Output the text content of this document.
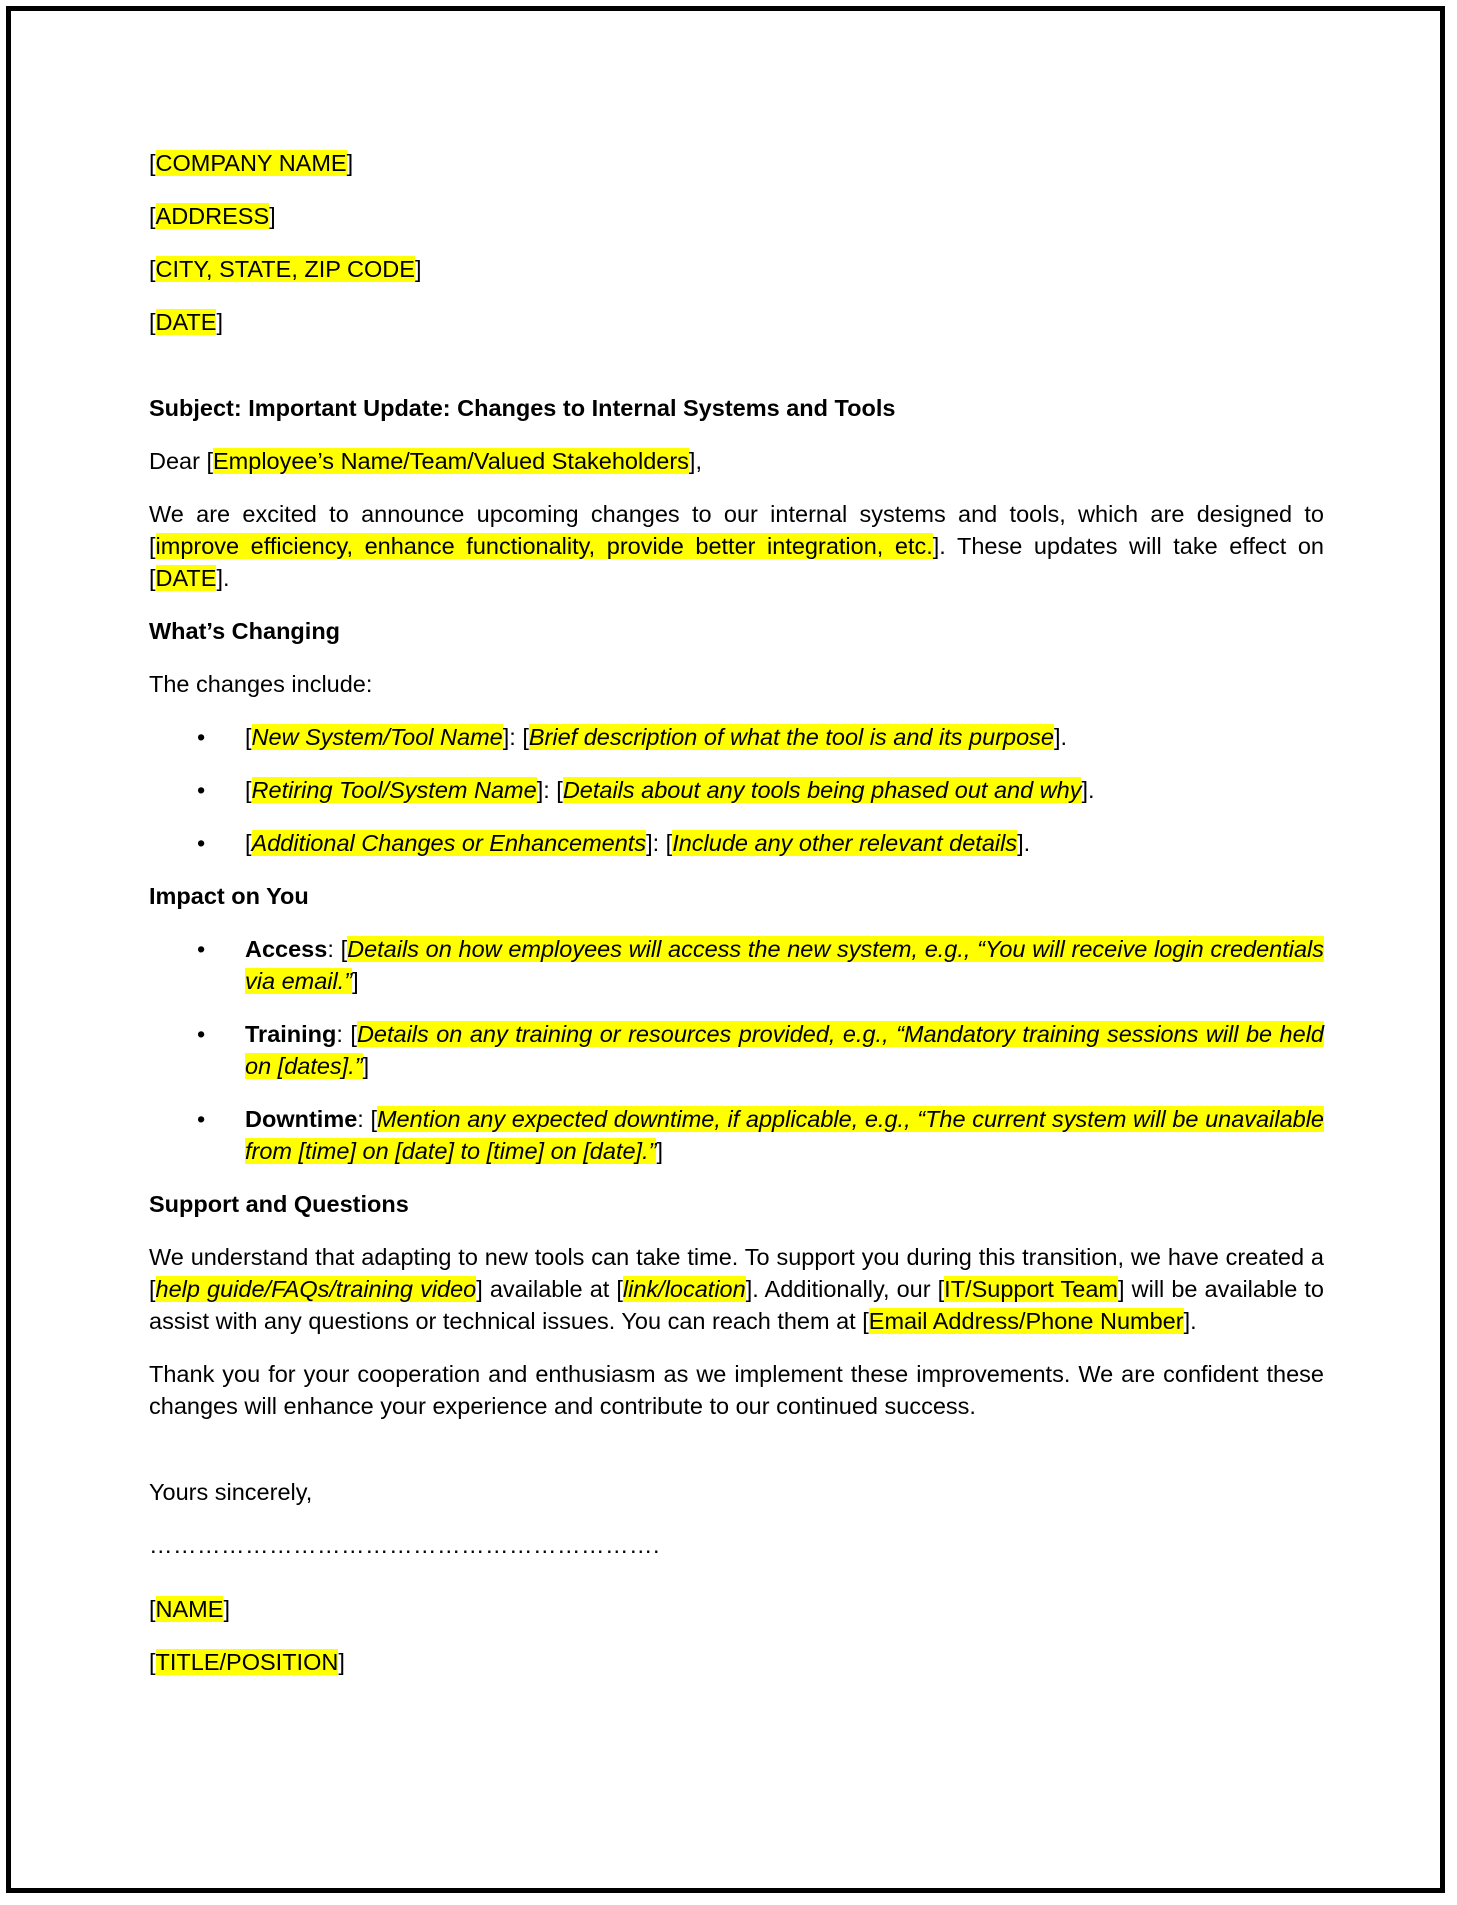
[COMPANY NAME]
[ADDRESS]
[CITY, STATE, ZIP CODE]
[DATE]
Subject: Important Update: Changes to Internal Systems and Tools
Dear [Employee’s Name/Team/Valued Stakeholders],
We are excited to announce upcoming changes to our internal systems and tools, which are designed to [improve efficiency, enhance functionality, provide better integration, etc.]. These updates will take effect on [DATE].
What’s Changing
The changes include:
• [New System/Tool Name]: [Brief description of what the tool is and its purpose].
• [Retiring Tool/System Name]: [Details about any tools being phased out and why].
• [Additional Changes or Enhancements]: [Include any other relevant details].
Impact on You
• Access: [Details on how employees will access the new system, e.g., “You will receive login credentials via email.”]
• Training: [Details on any training or resources provided, e.g., “Mandatory training sessions will be held on [dates].”]
• Downtime: [Mention any expected downtime, if applicable, e.g., “The current system will be unavailable from [time] on [date] to [time] on [date].”]
Support and Questions
We understand that adapting to new tools can take time. To support you during this transition, we have created a [help guide/FAQs/training video] available at [link/location]. Additionally, our [IT/Support Team] will be available to assist with any questions or technical issues. You can reach them at [Email Address/Phone Number].
Thank you for your cooperation and enthusiasm as we implement these improvements. We are confident these changes will enhance your experience and contribute to our continued success.
Yours sincerely,
……………………………………………………….
[NAME]
[TITLE/POSITION]
